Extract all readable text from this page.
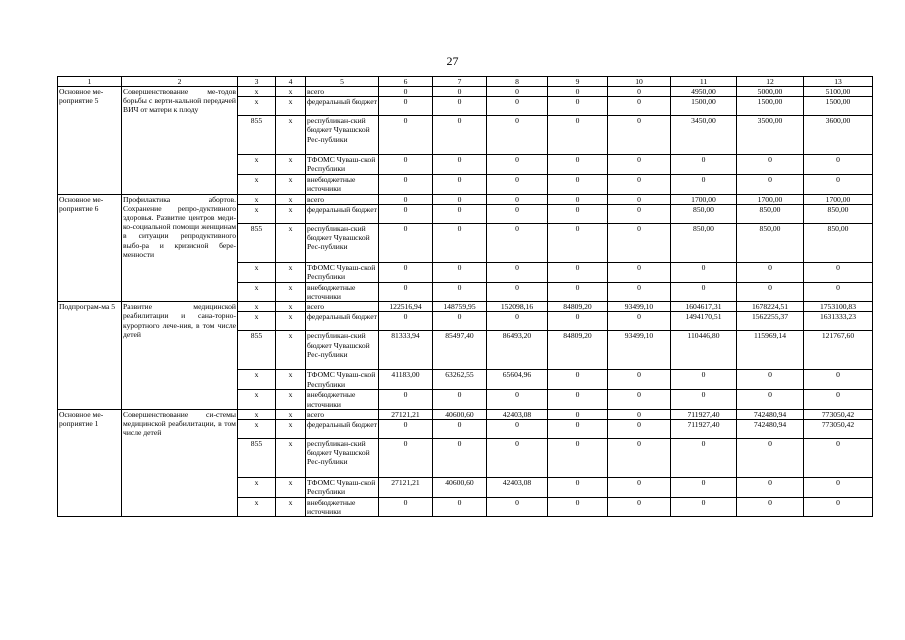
27
1	2	3	4	5	6	7	8	9	10	11	12	13
Основное ме-роприятие 5	Совершенствование ме-тодов борьбы с верти-кальной передачей ВИЧ от матери к плоду	х	х	всего	0	0	0	0	0	4950,00	5000,00	5100,00
		х	х	федеральный бюджет	0	0	0	0	0	1500,00	1500,00	1500,00
		855	х	республикан-ский бюджет Чувашской Рес-публики	0	0	0	0	0	3450,00	3500,00	3600,00
		х	х	ТФОМС Чуваш-ской Республики	0	0	0	0	0	0	0	0
		х	х	внебюджетные источники	0	0	0	0	0	0	0	0
Основное ме-роприятие 6	Профилактика абортов. Сохранение репро-дуктивного здоровья. Развитие центров меди-ко-социальной помощи женщинам в ситуации репродуктивного выбо-ра и кризисной бере-менности	х	х	всего	0	0	0	0	0	1700,00	1700,00	1700,00
		х	х	федеральный бюджет	0	0	0	0	0	850,00	850,00	850,00
		855	х	республикан-ский бюджет Чувашской Рес-публики	0	0	0	0	0	850,00	850,00	850,00
		х	х	ТФОМС Чуваш-ской Республики	0	0	0	0	0	0	0	0
		х	х	внебюджетные источники	0	0	0	0	0	0	0	0
Подпрограм-ма 5	Развитие медицинской реабилитации и сана-торно-курортного лече-ния, в том числе детей	х	х	всего	122516,94	148759,95	152098,16	84809,20	93499,10	1604617,31	1678224,51	1753100,83
		х	х	федеральный бюджет	0	0	0	0	0	1494170,51	1562255,37	1631333,23
		855	х	республикан-ский бюджет Чувашской Рес-публики	81333,94	85497,40	86493,20	84809,20	93499,10	110446,80	115969,14	121767,60
		х	х	ТФОМС Чуваш-ской Республики	41183,00	63262,55	65604,96	0	0	0	0	0
		х	х	внебюджетные источники	0	0	0	0	0	0	0	0
Основное ме-роприятие 1	Совершенствование си-стемы медицинской реабилитации, в том числе детей	х	х	всего	27121,21	40600,60	42403,08	0	0	711927,40	742480,94	773050,42
		х	х	федеральный бюджет	0	0	0	0	0	711927,40	742480,94	773050,42
		855	х	республикан-ский бюджет Чувашской Рес-публики	0	0	0	0	0	0	0	0
		х	х	ТФОМС Чуваш-ской Республики	27121,21	40600,60	42403,08	0	0	0	0	0
		х	х	внебюджетные источники	0	0	0	0	0	0	0	0
